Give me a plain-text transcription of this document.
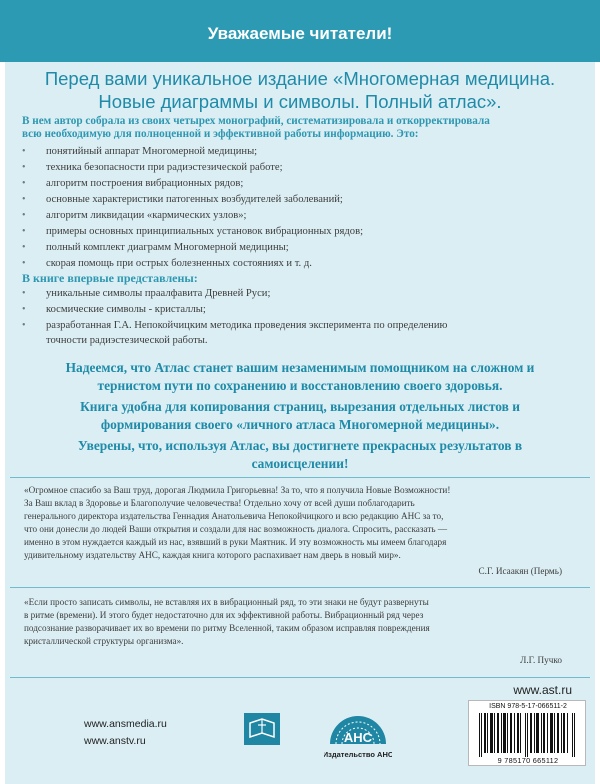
Уважаемые читатели!
Перед вами уникальное издание «Многомерная медицина.
Новые диаграммы и символы. Полный атлас».
В нем автор собрала из своих четырех монографий, систематизировала и откорректировала
всю необходимую для полноценной и эффективной работы информацию. Это:
• понятийный аппарат Многомерной медицины;
• техника безопасности при радиэстезической работе;
• алгоритм построения вибрационных рядов;
• основные характеристики патогенных возбудителей заболеваний;
• алгоритм ликвидации «кармических узлов»;
• примеры основных принципиальных установок вибрационных рядов;
• полный комплект диаграмм Многомерной медицины;
• скорая помощь при острых болезненных состояниях и т. д.
В книге впервые представлены:
• уникальные символы праалфавита Древней Руси;
• космические символы - кристаллы;
• разработанная Г.А. Непокойчицким методика проведения эксперимента по определению
точности радиэстезической работы.
Надеемся, что Атлас станет вашим незаменимым помощником на сложном и
тернистом пути по сохранению и восстановлению своего здоровья.
Книга удобна для копирования страниц, вырезания отдельных листов и
формирования своего «личного атласа Многомерной медицины».
Уверены, что, используя Атлас, вы достигнете прекрасных результатов в
самоисцелении!
«Огромное спасибо за Ваш труд, дорогая Людмила Григорьевна! За то, что я получила Новые Возможности!
За Ваш вклад в Здоровье и Благополучие человечества! Отдельно хочу от всей души поблагодарить
генерального директора издательства Геннадия Анатольевича Непокойчицкого и всю редакцию АНС за то,
что они донесли до людей Ваши открытия и создали для нас возможность диалога. Спросить, рассказать —
именно в этом нуждается каждый из нас, взявший в руки Маятник. И эту возможность мы имеем благодаря
удивительному издательству АНС, каждая книга которого распахивает нам дверь в новый мир».
С.Г. Исаакян (Пермь)
«Если просто записать символы, не вставляя их в вибрационный ряд, то эти знаки не будут развернуты
в ритме (времени). И этого будет недостаточно для их эффективной работы. Вибрационный ряд через
подсознание разворачивает их во времени по ритму Вселенной, таким образом исправляя повреждения
кристаллической структуры организма».
Л.Г. Пучко
www.ast.ru
www.ansmedia.ru
www.anstv.ru	АНС
Издательство АНС
ISBN 978-5-17-066511-2
9 785170 665112
